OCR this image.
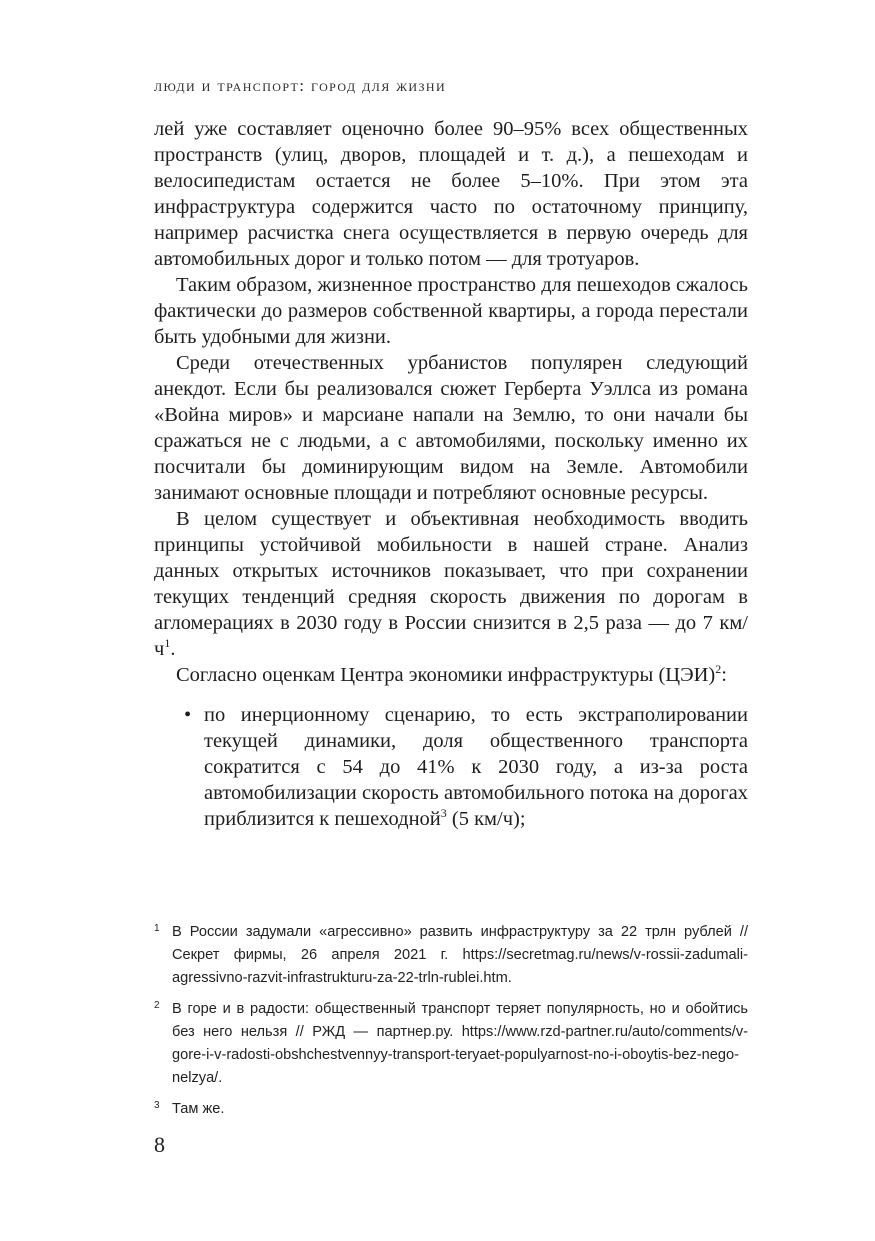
люди и транспорт: город для жизни

лей уже составляет оценочно более 90–95% всех общественных пространств (улиц, дворов, площадей и т. д.), а пешеходам и велосипедистам остается не более 5–10%. При этом эта инфраструктура содержится часто по остаточному принципу, например расчистка снега осуществляется в первую очередь для автомобильных дорог и только потом — для тротуаров.

Таким образом, жизненное пространство для пешеходов сжалось фактически до размеров собственной квартиры, а города перестали быть удобными для жизни.

Среди отечественных урбанистов популярен следующий анекдот. Если бы реализовался сюжет Герберта Уэллса из романа «Война миров» и марсиане напали на Землю, то они начали бы сражаться не с людьми, а с автомобилями, поскольку именно их посчитали бы доминирующим видом на Земле. Автомобили занимают основные площади и потребляют основные ресурсы.

В целом существует и объективная необходимость вводить принципы устойчивой мобильности в нашей стране. Анализ данных открытых источников показывает, что при сохранении текущих тенденций средняя скорость движения по дорогам в агломерациях в 2030 году в России снизится в 2,5 раза — до 7 км/ч$^1$.

Согласно оценкам Центра экономики инфраструктуры (ЦЭИ)$^2$:

• по инерционному сценарию, то есть экстраполировании текущей динамики, доля общественного транспорта сократится с 54 до 41% к 2030 году, а из-за роста автомобилизации скорость автомобильного потока на дорогах приблизится к пешеходной$^3$ (5 км/ч);
1 В России задумали «агрессивно» развить инфраструктуру за 22 трлн рублей // Секрет фирмы, 26 апреля 2021 г. https://secretmag.ru/news/v-rossii-zadumali-agressivno-razvit-infrastrukturu-za-22-trln-rublei.htm.
2 В горе и в радости: общественный транспорт теряет популярность, но и обойтись без него нельзя // РЖД — партнер.ру. https://www.rzd-partner.ru/auto/comments/v-gore-i-v-radosti-obshchestvennyy-transport-teryaet-populyarnost-no-i-oboytis-bez-nego-nelzya/.
3 Там же.
8
